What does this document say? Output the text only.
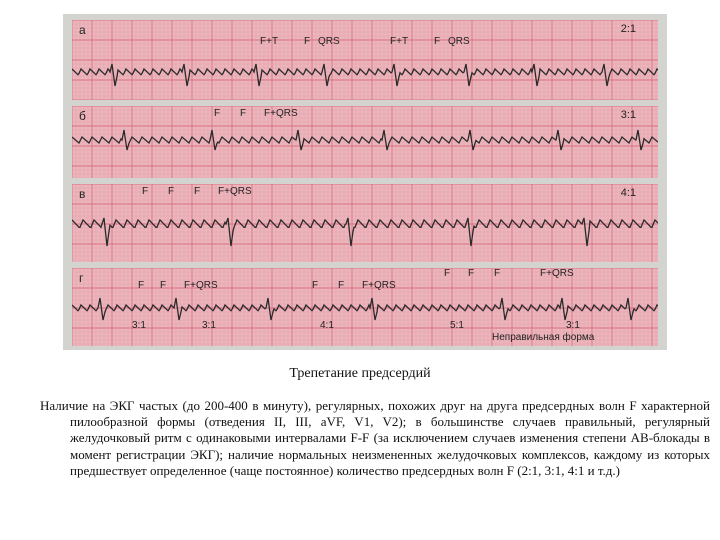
а	2:1
F+T	F QRS	F+T	F QRS
б	3:1
F F F+QRS
в	4:1
F F F F+QRS
г
F F F+QRS	F F F+QRS
F F F	F+QRS
3:1	3:1	4:1	5:1	3:1
Неправильная форма
Трепетание предсердий

Наличие на ЭКГ частых (до 200-400 в минуту), регулярных, похожих друг на друга предсердных волн F характерной пилообразной формы (отведения II, III, aVF, V1, V2); в большинстве случаев правильный, регулярный желудочковый ритм с одинаковыми интервалами F-F (за исключением случаев изменения степени АВ-блокады в момент регистрации ЭКГ); наличие нормальных неизмененных желудочковых комплексов, каждому из которых предшествует определенное (чаще постоянное) количество предсердных волн F (2:1, 3:1, 4:1 и т.д.)
